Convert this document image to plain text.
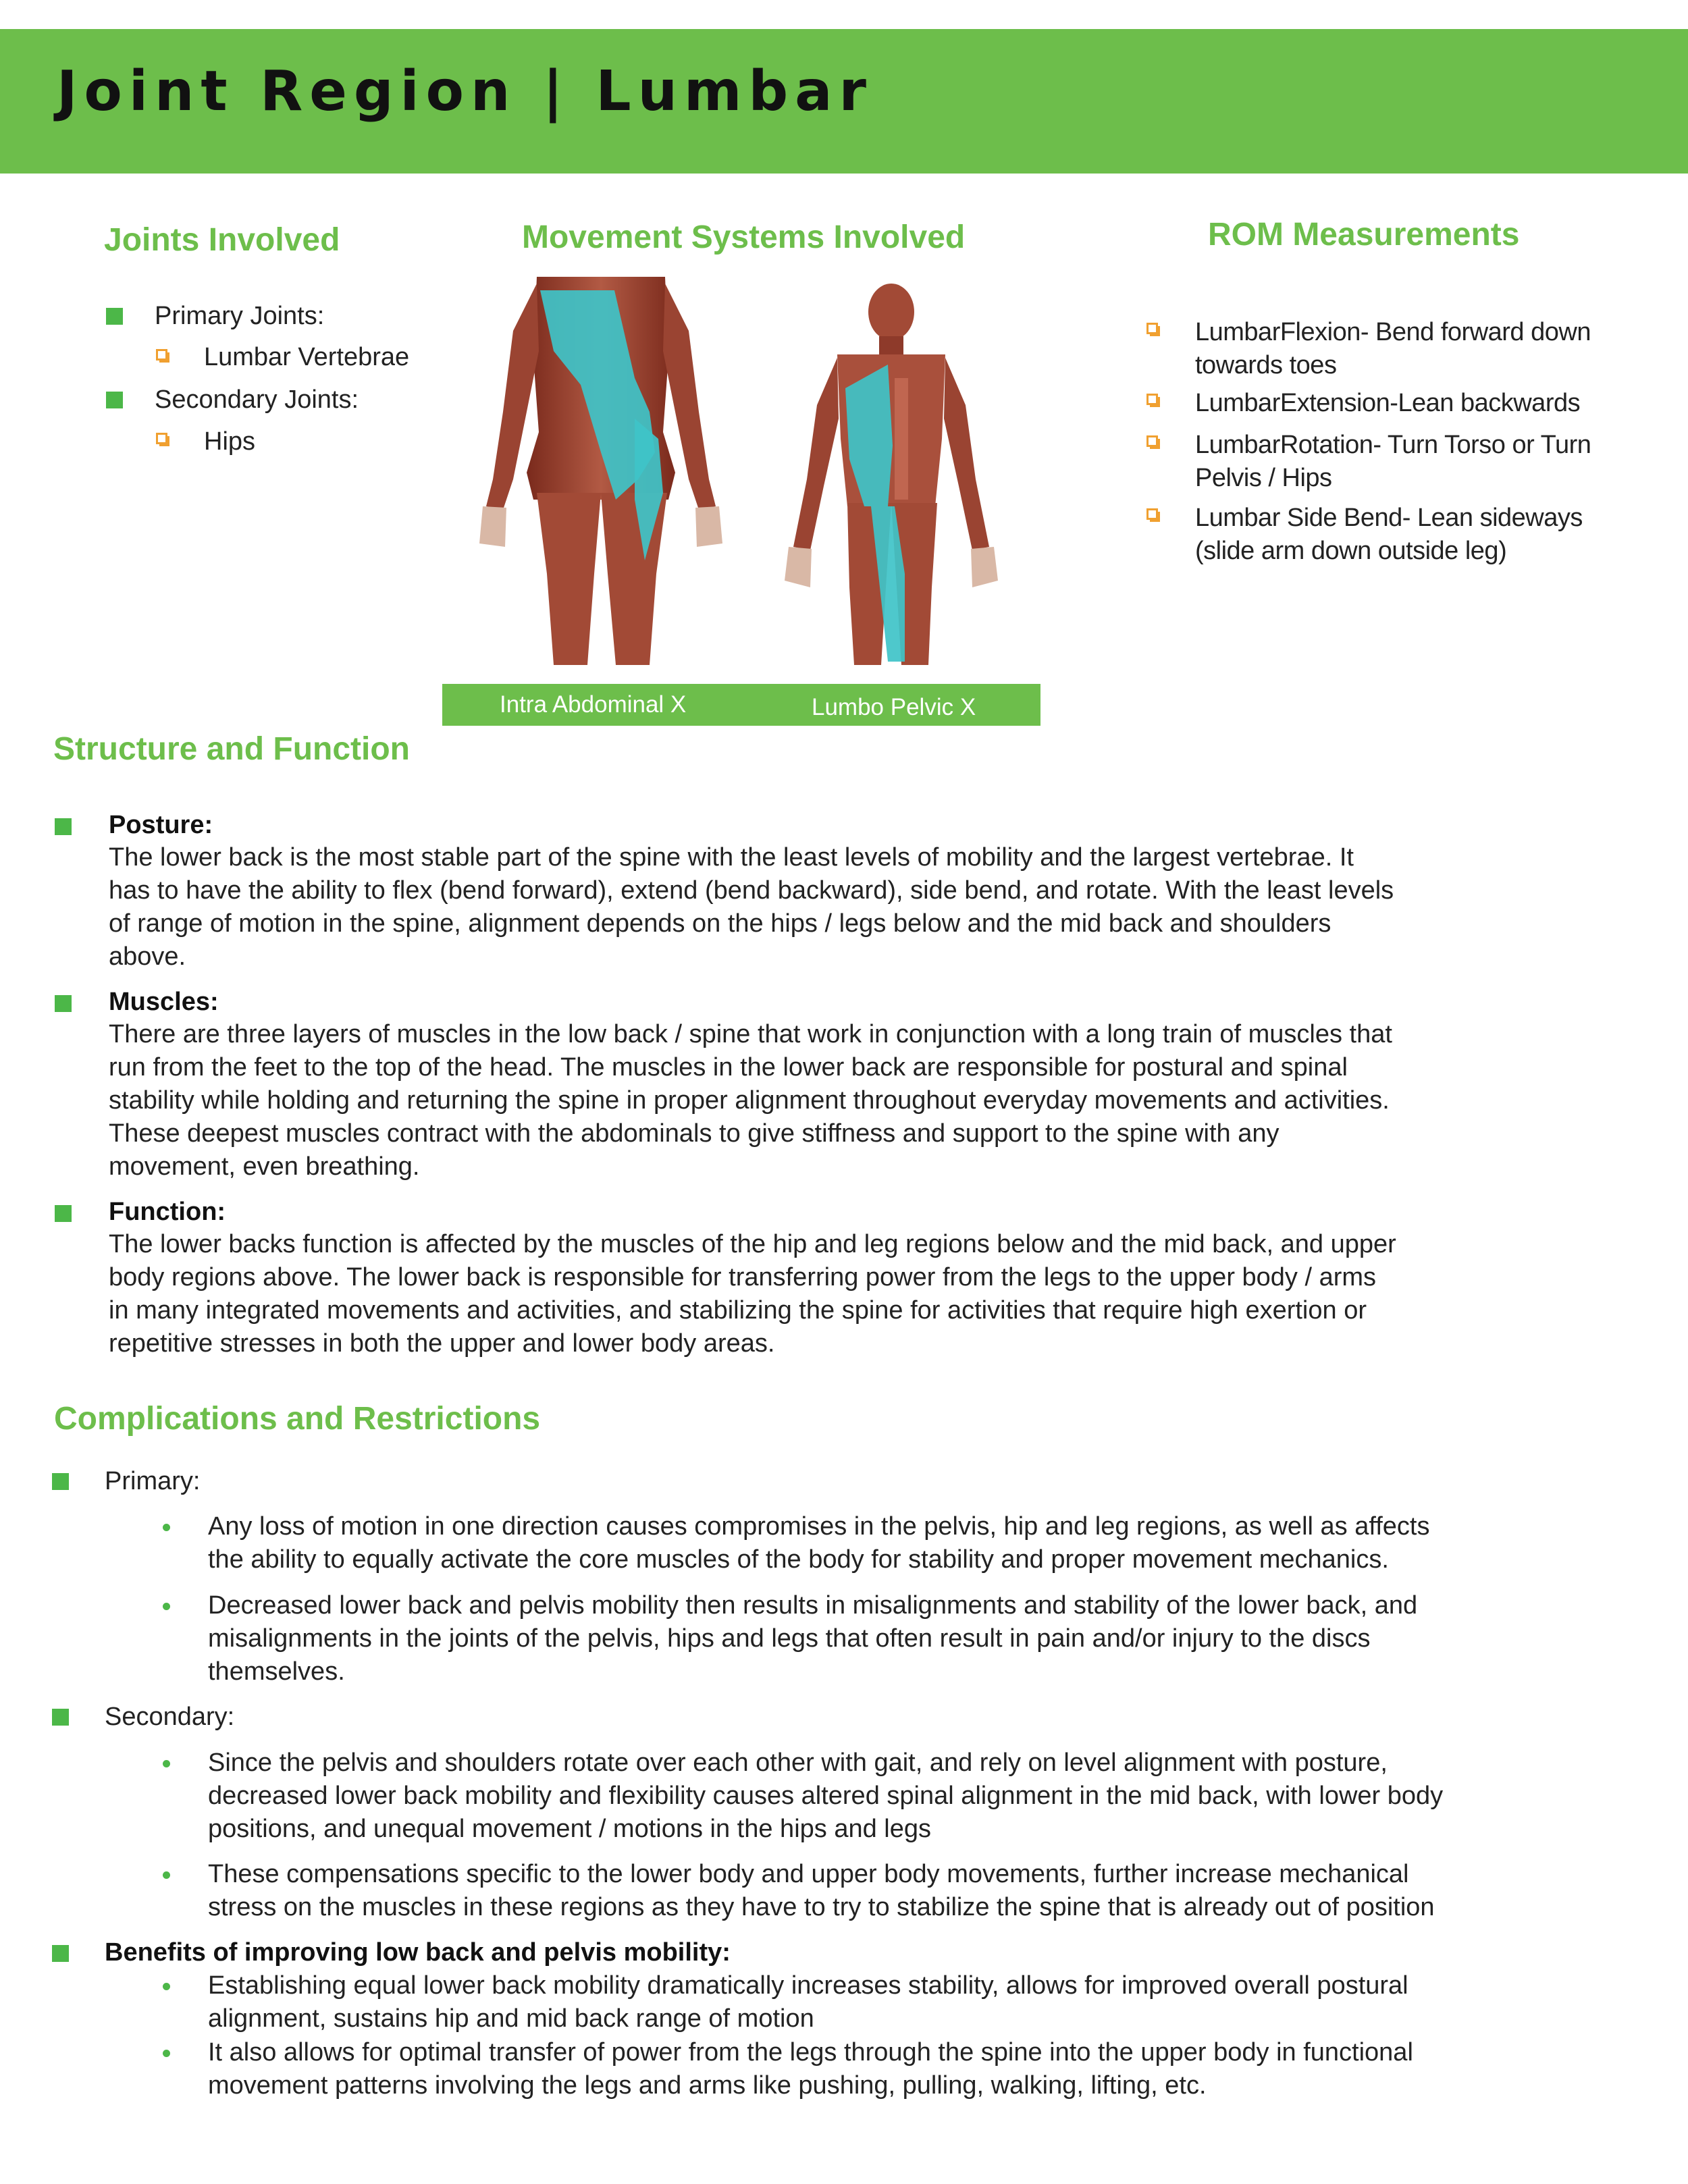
Joint Region | Lumbar
Joints Involved

Primary Joints:

Lumbar Vertebrae

Secondary Joints:

Hips

Movement Systems Involved
Intra Abdominal X	Lumbo Pelvic X
ROM Measurements

LumbarFlexion- Bend forward down
towards toes

LumbarExtension-Lean backwards

LumbarRotation- Turn Torso or Turn
Pelvis / Hips

Lumbar Side Bend- Lean sideways
(slide arm down outside leg)

Structure and Function

Posture:

The lower back is the most stable part of the spine with the least levels of mobility and the largest vertebrae. It
has to have the ability to flex (bend forward), extend (bend backward), side bend, and rotate. With the least levels
of range of motion in the spine, alignment depends on the hips / legs below and the mid back and shoulders
above.

Muscles:

There are three layers of muscles in the low back / spine that work in conjunction with a long train of muscles that
run from the feet to the top of the head. The muscles in the lower back are responsible for postural and spinal
stability while holding and returning the spine in proper alignment throughout everyday movements and activities.
These deepest muscles contract with the abdominals to give stiffness and support to the spine with any
movement, even breathing.

Function:

The lower backs function is affected by the muscles of the hip and leg regions below and the mid back, and upper
body regions above. The lower back is responsible for transferring power from the legs to the upper body / arms
in many integrated movements and activities, and stabilizing the spine for activities that require high exertion or
repetitive stresses in both the upper and lower body areas.

Complications and Restrictions

Primary:

Any loss of motion in one direction causes compromises in the pelvis, hip and leg regions, as well as affects
the ability to equally activate the core muscles of the body for stability and proper movement mechanics.

Decreased lower back and pelvis mobility then results in misalignments and stability of the lower back, and
misalignments in the joints of the pelvis, hips and legs that often result in pain and/or injury to the discs
themselves.

Secondary:

Since the pelvis and shoulders rotate over each other with gait, and rely on level alignment with posture,
decreased lower back mobility and flexibility causes altered spinal alignment in the mid back, with lower body
positions, and unequal movement / motions in the hips and legs

These compensations specific to the lower body and upper body movements, further increase mechanical
stress on the muscles in these regions as they have to try to stabilize the spine that is already out of position

Benefits of improving low back and pelvis mobility:

Establishing equal lower back mobility dramatically increases stability, allows for improved overall postural
alignment, sustains hip and mid back range of motion

It also allows for optimal transfer of power from the legs through the spine into the upper body in functional
movement patterns involving the legs and arms like pushing, pulling, walking, lifting, etc.
